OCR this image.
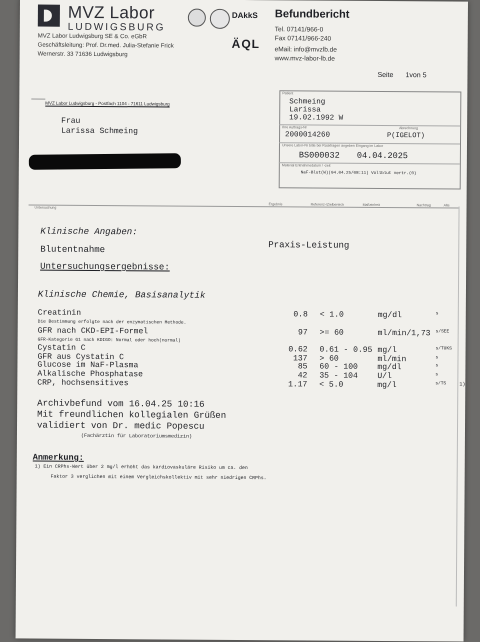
MVZ Labor
LUDWIGSBURG
DAkkS
MVZ Labor Ludwigsburg SE & Co. eGbR
Geschäftsleitung: Prof. Dr.med. Julia-Stefanie Frick
Wernerstr. 33 71636 Ludwigsburg
ÄQL
Befundbericht
Tel. 07141/966-0
Fax 07141/966-240
eMail: info@mvzlb.de
www.mvz-labor-lb.de
Seite 1von 5
MVZ Labor Ludwigsburg - Postfach 1104 - 71611 Ludwigsburg
Frau
Larissa Schmeing
Patient
Schmeing
Larissa
19.02.1992 W
Ihre Auftrags-Nr	Abrechnung
2000014260	P(IGELOT)
Unsere Labor-Nr bitte bei Rückfragen angeben Eingang im Labor
BS000032 04.04.2025
Material Entnahmedatum / -zeit
NaF-Blut(W)(04.04.25/08:11) Vollblut vertr.(0)
Untersuchung
Ergebnis	Referenz-/Zielbereich	Maßeinheit	Nachtrag	Alte
Klinische Angaben:
Blutentnahme	Praxis-Leistung
Untersuchungsergebnisse:
Klinische Chemie, Basisanalytik
Creatinin	0.8 < 1.0	mg/dl	s
Die Bestimmung erfolgte nach der enzymatischen Methode.
GFR nach CKD-EPI-Formel	97 >= 60	ml/min/1,73 s/SEE
GFR-Kategorie G1 nach KDIGO: Normal oder hoch(normal)
Cystatin C	0.62 0.61 - 0.95 mg/l	s/TUKS
GFR aus Cystatin C	137 > 60	ml/min	s
Glucose im NaF-Plasma	85 60 - 100 mg/dl	s
Alkalische Phosphatase	42 35 - 104 U/l	s
CRP, hochsensitives	1.17 < 5.0	mg/l	s/TS	1)
Archivbefund vom 16.04.25 10:16
Mit freundlichen kollegialen Grüßen
validiert von Dr. medic Popescu
(Fachärztin für Laboratoriumsmedizin)
Anmerkung:
1) Ein CRPhs-Wert über 2 mg/l erhöht das kardiovaskuläre Risiko um ca. den
Faktor 3 verglichen mit einem Vergleichskollektiv mit sehr niedrigen CRPhs.
